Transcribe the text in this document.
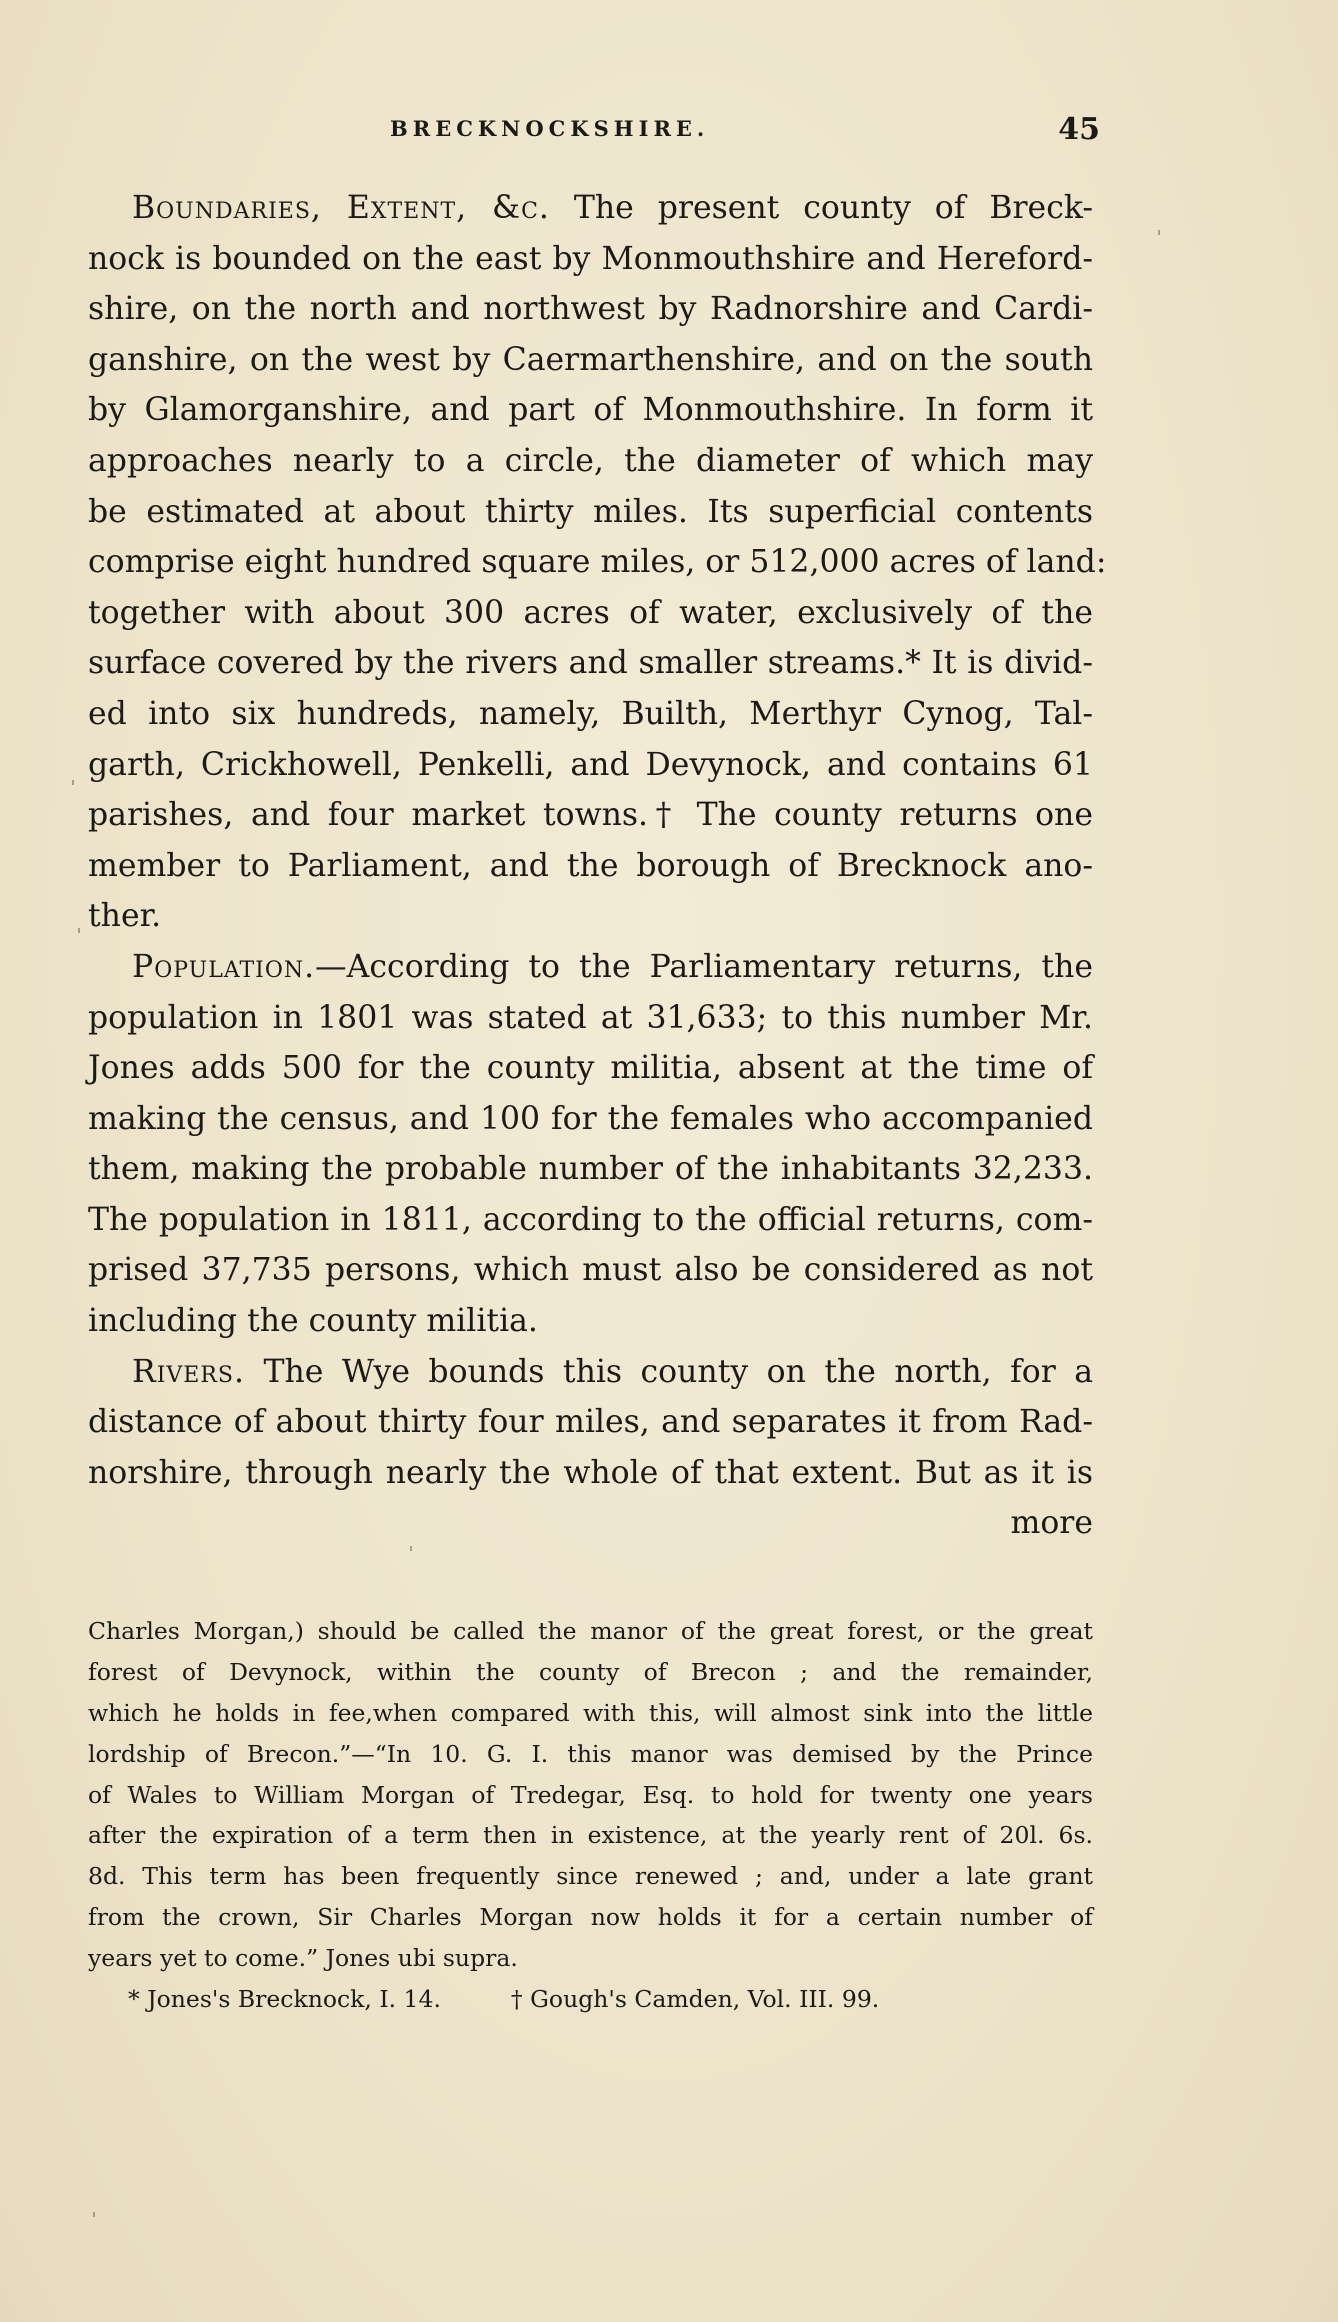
BRECKNOCKSHIRE.	45
Boundaries, Extent, &c. The present county of Breck-
nock is bounded on the east by Monmouthshire and Hereford-
shire, on the north and northwest by Radnorshire and Cardi-
ganshire, on the west by Caermarthenshire, and on the south
by Glamorganshire, and part of Monmouthshire. In form it
approaches nearly to a circle, the diameter of which may
be estimated at about thirty miles. Its superficial contents
comprise eight hundred square miles, or 512,000 acres of land:
together with about 300 acres of water, exclusively of the
surface covered by the rivers and smaller streams.* It is divid-
ed into six hundreds, namely, Builth, Merthyr Cynog, Tal-
garth, Crickhowell, Penkelli, and Devynock, and contains 61
parishes, and four market towns.† The county returns one
member to Parliament, and the borough of Brecknock ano-
ther.
Population.—According to the Parliamentary returns, the
population in 1801 was stated at 31,633; to this number Mr.
Jones adds 500 for the county militia, absent at the time of
making the census, and 100 for the females who accompanied
them, making the probable number of the inhabitants 32,233.
The population in 1811, according to the official returns, com-
prised 37,735 persons, which must also be considered as not
including the county militia.
Rivers. The Wye bounds this county on the north, for a
distance of about thirty four miles, and separates it from Rad-
norshire, through nearly the whole of that extent. But as it is
more
Charles Morgan,) should be called the manor of the great forest, or the great
forest of Devynock, within the county of Brecon ; and the remainder,
which he holds in fee,when compared with this, will almost sink into the little
lordship of Brecon.”—“In 10. G. I. this manor was demised by the Prince
of Wales to William Morgan of Tredegar, Esq. to hold for twenty one years
after the expiration of a term then in existence, at the yearly rent of 20l. 6s.
8d. This term has been frequently since renewed ; and, under a late grant
from the crown, Sir Charles Morgan now holds it for a certain number of
years yet to come.” Jones ubi supra.
* Jones's Brecknock, I. 14.	† Gough's Camden, Vol. III. 99.
